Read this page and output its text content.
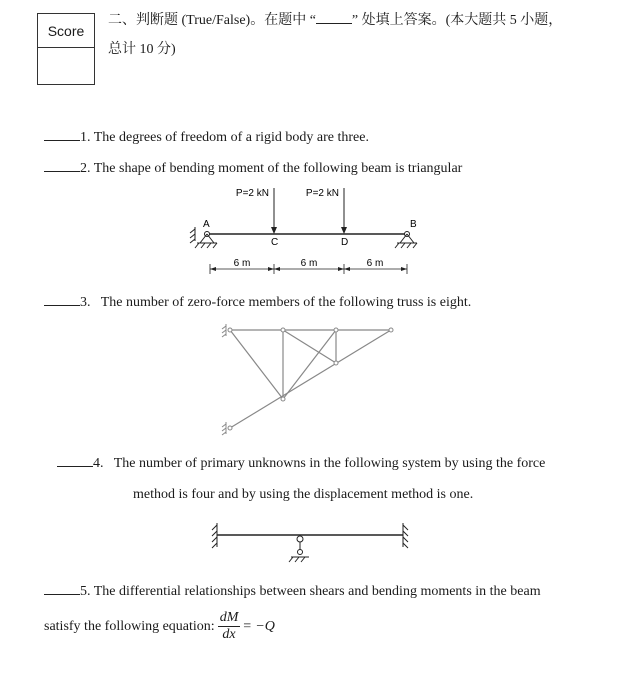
Score
二、判断题 (True/False)。在题中 “	” 处填上答案。(本大题共 5 小题，
总计 10 分)
1. The degrees of freedom of a rigid body are three.
2. The shape of bending moment of the following beam is triangular
P=2 kN	P=2 kN
A	B
C	D
6 m	6 m	6 m
3. The number of zero-force members of the following truss is eight.
4. The number of primary unknowns in the following system by using the force
method is four and by using the displacement method is one.
5. The differential relationships between shears and bending moments in the beam
satisfy the following equation: $\frac{dM}{dx} = -Q$
